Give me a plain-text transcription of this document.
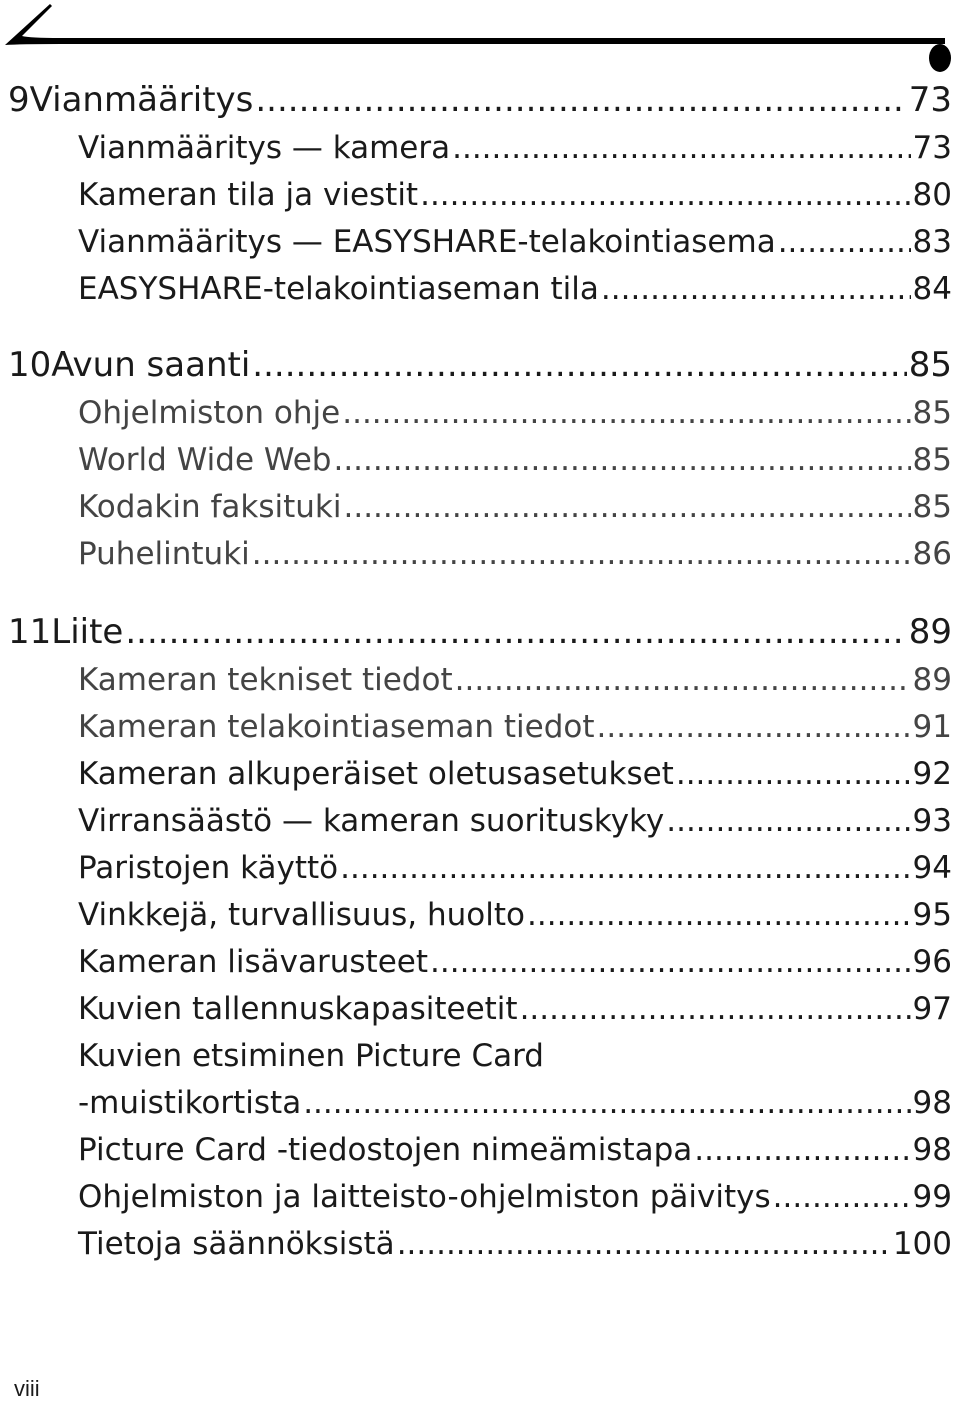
9 Vianmääritys .....	73
Vianmääritys — kamera .....	73
Kameran tila ja viestit .....	80
Vianmääritys — EASYSHARE-telakointiasema .....	83
EASYSHARE-telakointiaseman tila .....	84
10 Avun saanti .....	85
Ohjelmiston ohje .....	85
World Wide Web .....	85
Kodakin faksituki .....	85
Puhelintuki .....	86
11 Liite .....	89
Kameran tekniset tiedot .....	89
Kameran telakointiaseman tiedot .....	91
Kameran alkuperäiset oletusasetukset .....	92
Virransäästö — kameran suorituskyky .....	93
Paristojen käyttö .....	94
Vinkkejä, turvallisuus, huolto .....	95
Kameran lisävarusteet .....	96
Kuvien tallennuskapasiteetit .....	97
Kuvien etsiminen Picture Card
-muistikortista .....	98
Picture Card -tiedostojen nimeämistapa .....	98
Ohjelmiston ja laitteisto-ohjelmiston päivitys .....	99
Tietoja säännöksistä .....	100
viii
